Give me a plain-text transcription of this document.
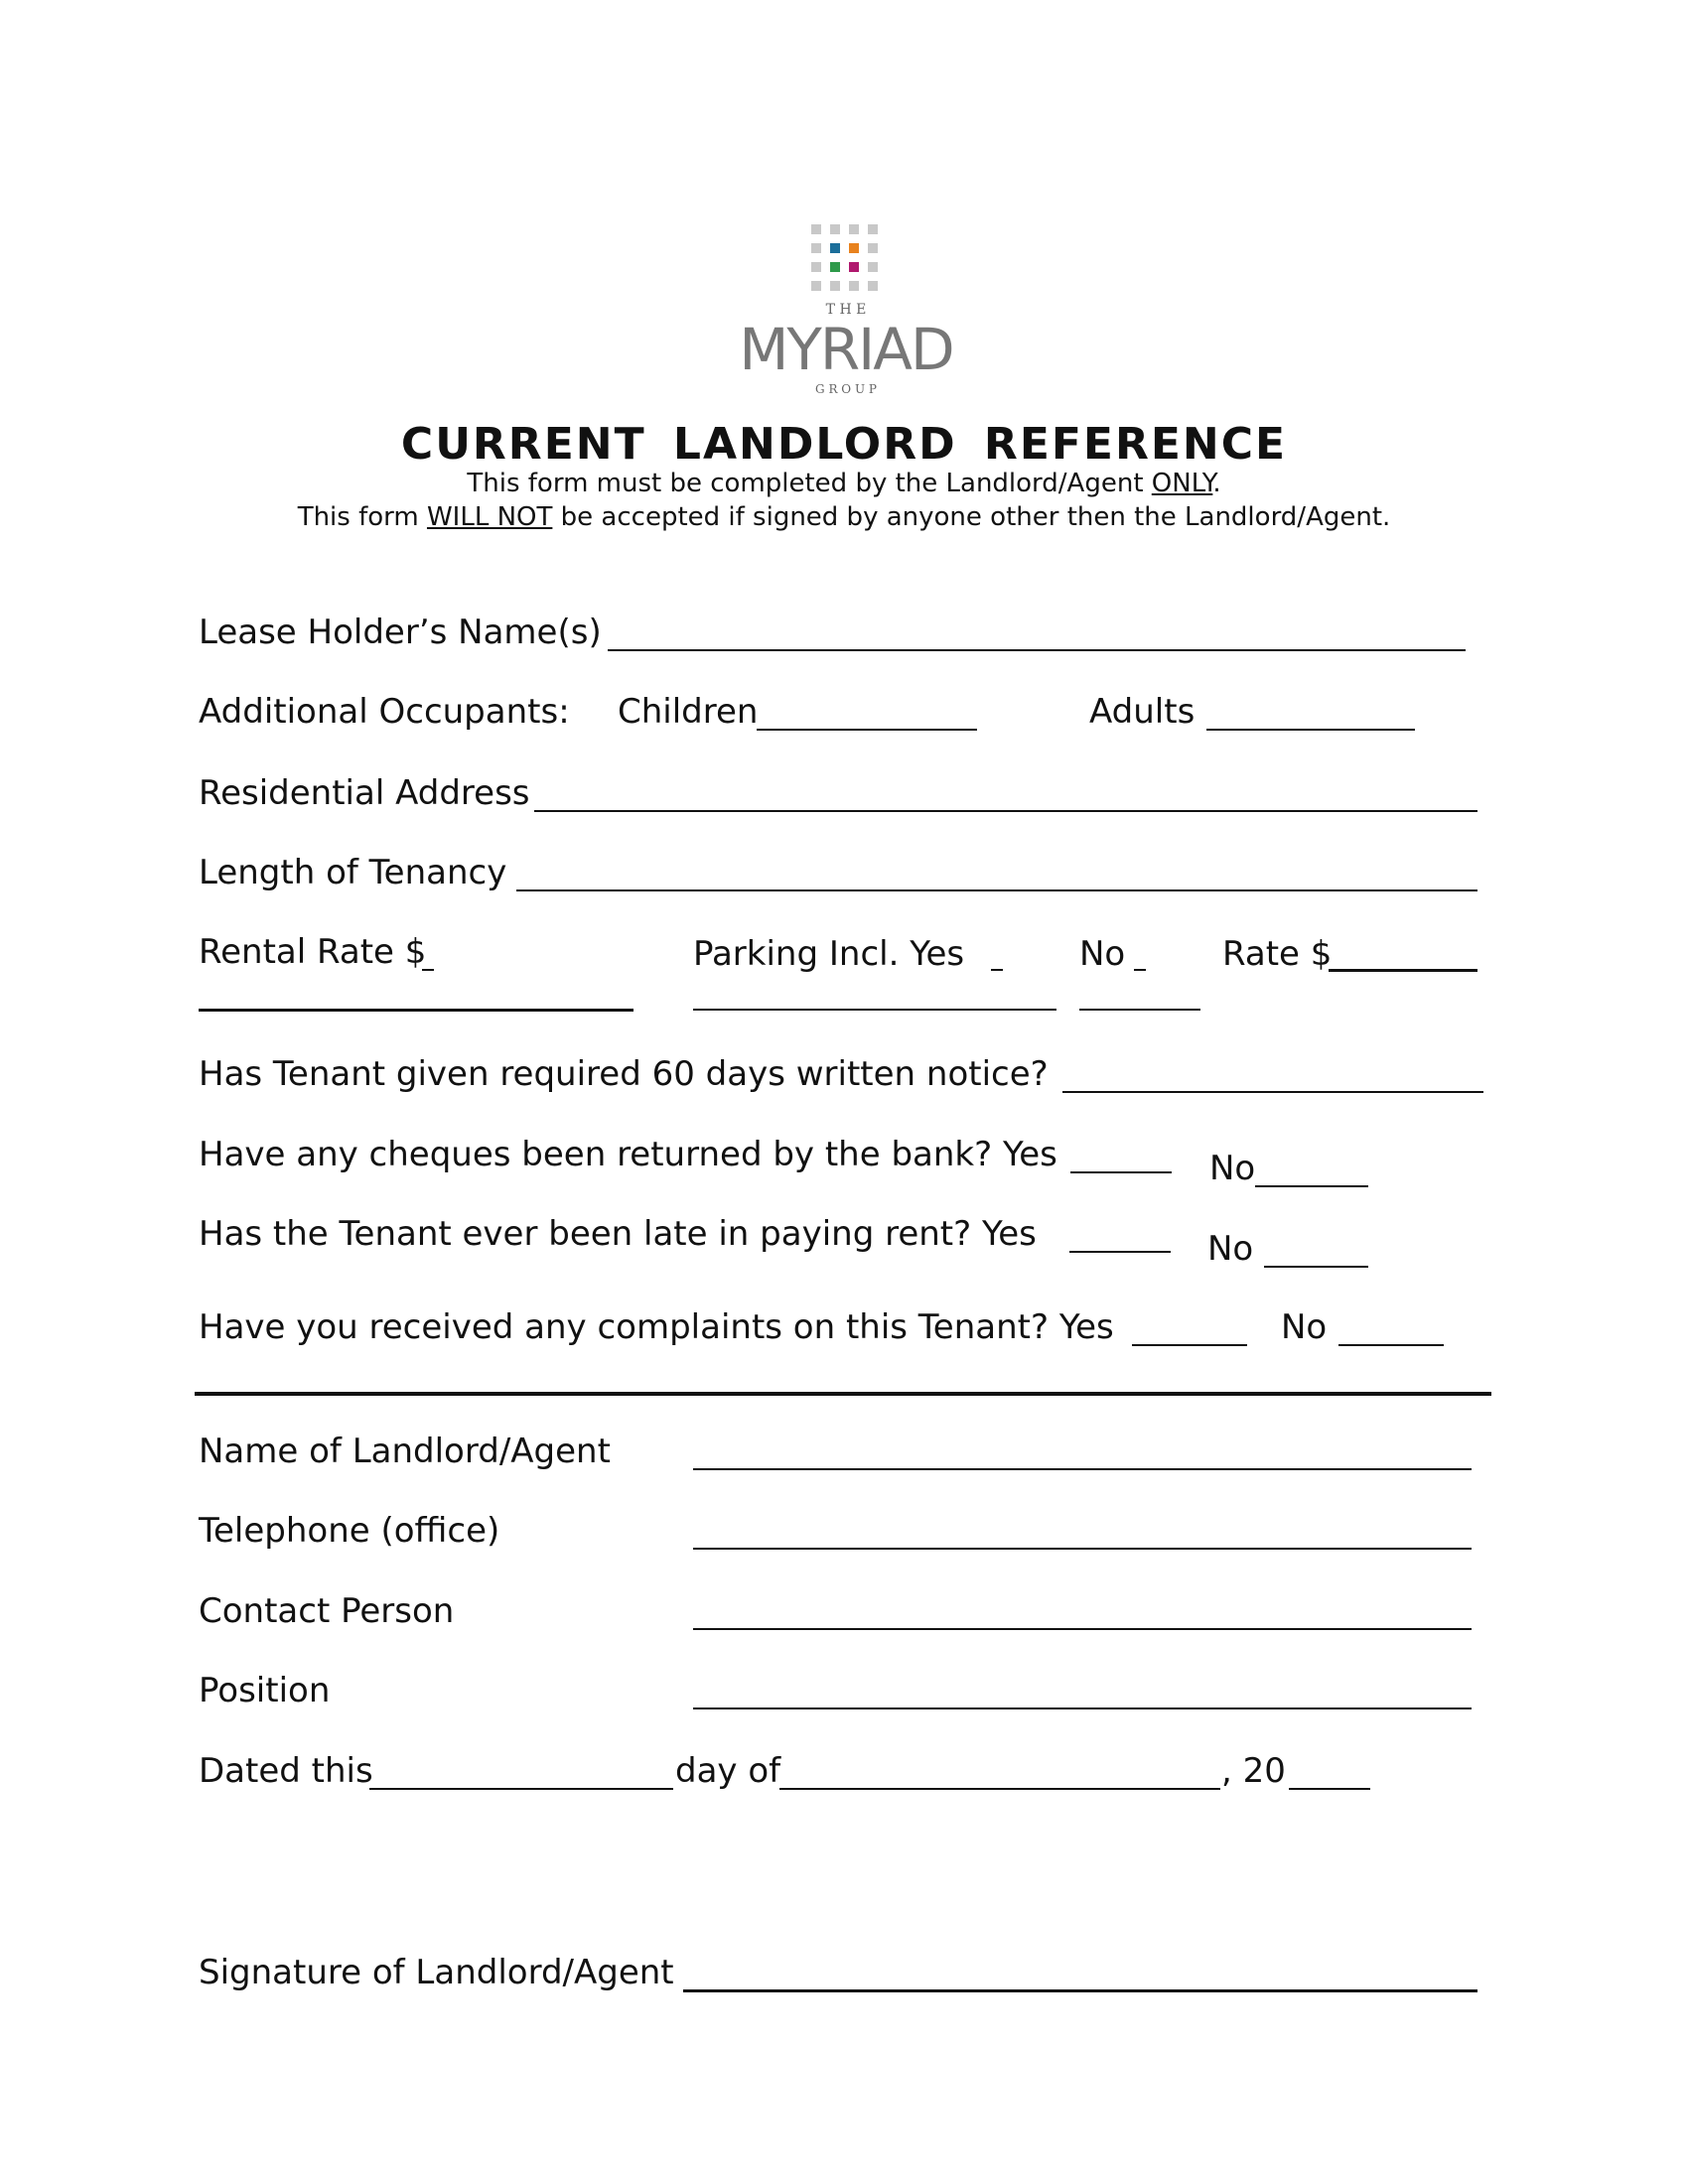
T H E
MYRIAD
G R O U P
CURRENT LANDLORD REFERENCE
This form must be completed by the Landlord/Agent ONLY.
This form WILL NOT be accepted if signed by anyone other then the Landlord/Agent.
Lease Holder’s Name(s)
Additional Occupants: Children	Adults
Residential Address
Length of Tenancy
Rental Rate $	Parking Incl. Yes	No	Rate $
Has Tenant given required 60 days written notice?
Have any cheques been returned by the bank? Yes	No
Has the Tenant ever been late in paying rent? Yes	No
Have you received any complaints on this Tenant? Yes	No
Name of Landlord/Agent
Telephone (office)
Contact Person
Position
Dated this	day of	, 20
Signature of Landlord/Agent
